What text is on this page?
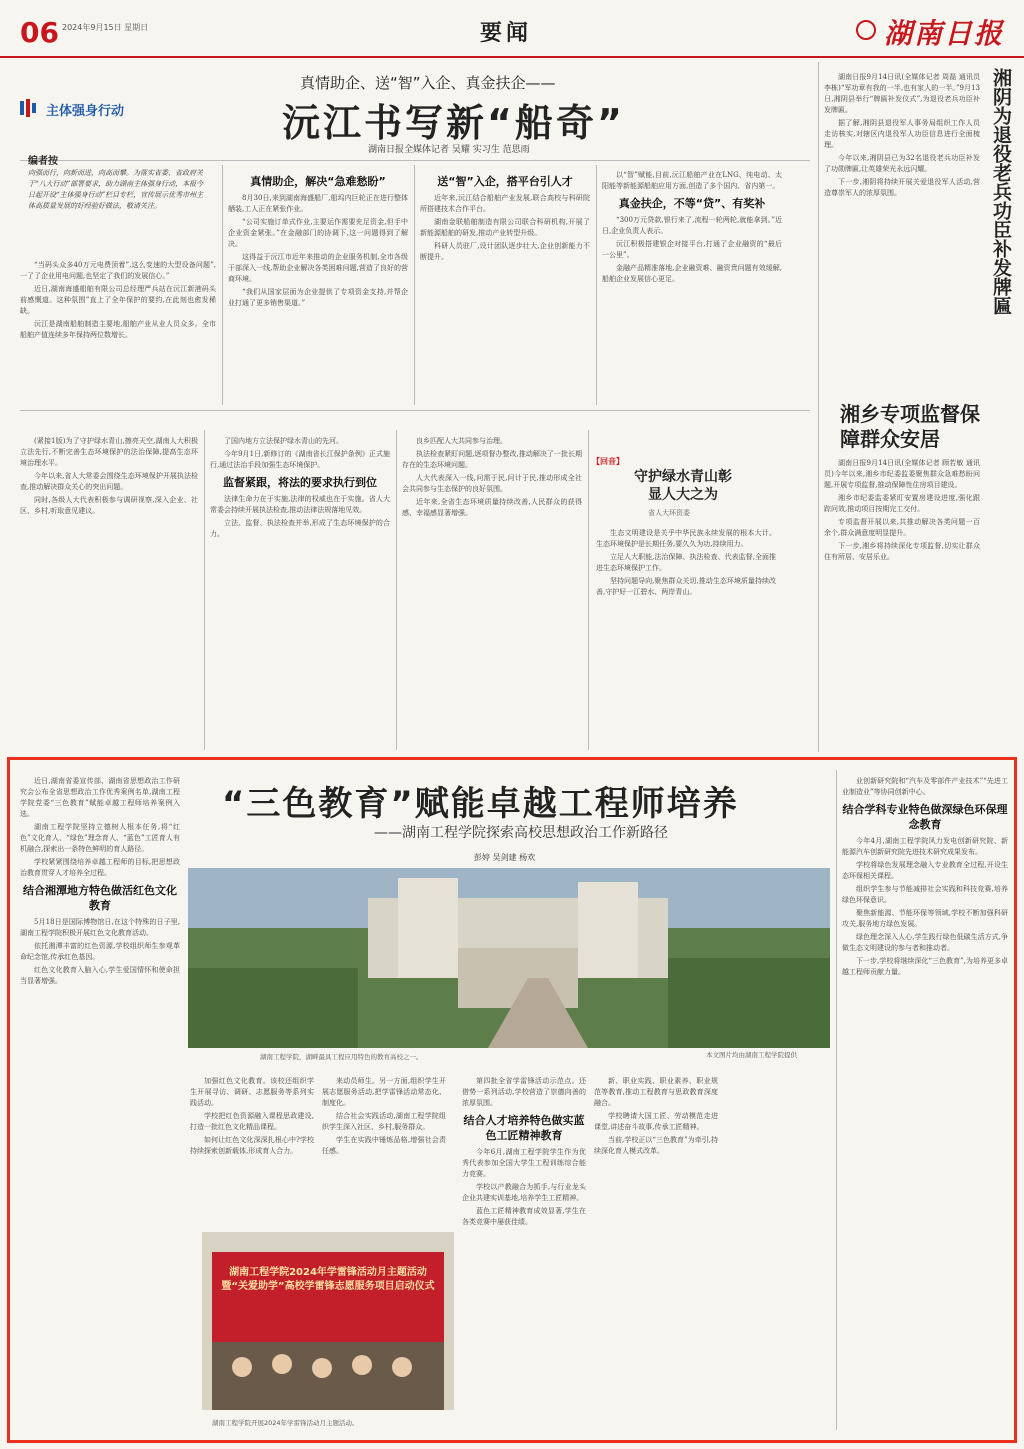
06 2024年9月15日 星期日	要闻	湖南日报
主体强身行动
真情助企、送“智”入企、真金扶企——
沅江书写新“船奇”
湖南日报全媒体记者 吴耀 实习生 范思雨
编者按
向强而行，向新而进，向高而攀。为落实省委、省政府关于“八大行动”部署要求，助力湖南主体强身行动，本报今日起开设“主体强身行动”栏目专栏，宣传展示优秀市州主体高质量发展的好经验好做法，敬请关注。

“当码头众多40万元电费顶着”,这么变速的大型设备问题”,一了了企业用电问题,也坚定了我们的发展信心。”

近日,湖南海盛船舶有限公司总经理严兵站在沅江新港码头前感慨道。这种氛围”直上了全年保护的要约,在此刻也愈发稀缺。

沅江是湖南船舶制造主要地,船舶产业从业人员众多。全市船舶产值连续多年保持两位数增长。

真情助企，解决“急难愁盼”

8月30日,来到湖南海盛船厂,船坞内巨轮正在进行整体舾装,工人正在紧张作业。

“公司实施订单式作业,主要运作需要充足资金,但手中企业资金紧张。”在金融部门的协调下,这一问题得到了解决。

这得益于沅江市近年来推动的企业服务机制,全市各级干部深入一线,帮助企业解决各类困难问题,营造了良好的营商环境。

“我们从国家层面为企业提供了专项资金支持,并帮企业打通了更多销售渠道。”

送“智”入企，搭平台引人才

近年来,沅江结合船舶产业发展,联合高校与科研院所搭建技术合作平台。

湖南金联船舶制造有限公司联合科研机构,开展了新能源船舶的研发,推动产业转型升级。

科研人员驻厂,设计团队逐步壮大,企业创新能力不断提升。

以“智”赋能,目前,沅江船舶产业在LNG、纯电动、太阳能等新能源船舶应用方面,创造了多个国内、省内第一。

真金扶企，不等“贷”、有奖补

“300万元贷款,银行来了,流程一轮两轮,就能拿到。”近日,企业负责人表示。

沅江积极搭建银企对接平台,打通了企业融资的“最后一公里”。

金融产品精准落地,企业融资难、融资贵问题有效缓解,船舶企业发展信心更足。	湘阴为退役老兵功臣补发牌匾

湖南日报9月14日讯(全媒体记者 周磊 通讯员 李栋)“军功章有我的一半,也有家人的一半。”9月13日,湘阴县举行“牌匾补发仪式”,为退役老兵功臣补发牌匾。

据了解,湘阴县退役军人事务局组织工作人员走访核实,对辖区内退役军人功臣信息进行全面梳理。

今年以来,湘阴县已为32名退役老兵功臣补发了功勋牌匾,让英雄荣光永远闪耀。

下一步,湘阴将持续开展关爱退役军人活动,营造尊崇军人的浓厚氛围。

湘乡专项监督保障群众安居

湖南日报9月14日讯(全媒体记者 顾若敏 通讯员)今年以来,湘乡市纪委监委聚焦群众急难愁盼问题,开展专项监督,推动保障性住房项目建设。

湘乡市纪委监委紧盯安置房建设进度,强化跟踪问效,推动项目按期完工交付。

专项监督开展以来,共推动解决各类问题一百余个,群众满意度明显提升。

下一步,湘乡将持续深化专项监督,切实让群众住有所居、安居乐业。

(紧接1版)为了守护绿水青山,擦亮天空,湖南人大积极立法先行,不断完善生态环境保护的法治保障,提高生态环境治理水平。

今年以来,省人大常委会围绕生态环境保护开展执法检查,推动解决群众关心的突出问题。

同时,各级人大代表积极参与调研视察,深入企业、社区、乡村,听取意见建议。

了国内地方立法保护绿水青山的先河。

今年9月1日,新修订的《湖南省长江保护条例》正式施行,通过法治手段加强生态环境保护。

监督紧跟，将法的要求执行到位

法律生命力在于实施,法律的权威也在于实施。省人大常委会持续开展执法检查,推动法律法规落地见效。

立法、监督、执法检查并举,形成了生态环境保护的合力。

良乡匹配人大共同参与治理。

执法检查紧盯问题,逐项督办整改,推动解决了一批长期存在的生态环境问题。

人大代表深入一线,问需于民,问计于民,推动形成全社会共同参与生态保护的良好氛围。

近年来,全省生态环境质量持续改善,人民群众的获得感、幸福感显著增强。

【回音】
守护绿水青山彰显人大之为
省人大环资委

生态文明建设是关乎中华民族永续发展的根本大计。生态环境保护是长期任务,要久久为功,持续用力。

立足人大职能,法治保障、执法检查、代表监督,全面推进生态环境保护工作。

坚持问题导向,聚焦群众关切,推动生态环境质量持续改善,守护好一江碧水、两岸青山。

“三色教育”赋能卓越工程师培养
——湖南工程学院探索高校思想政治工作新路径
彭婷 吴剑建 杨欢

近日,湖南省委宣传部、湖南省思想政治工作研究会公布全省思想政治工作优秀案例名单,湖南工程学院党委“三色教育”赋能卓越工程师培养案例入选。

湖南工程学院坚持立德树人根本任务,将“红色”文化育人、“绿色”理念育人、“蓝色”工匠育人有机融合,探索出一条特色鲜明的育人路径。

学校紧紧围绕培养卓越工程师的目标,把思想政治教育贯穿人才培养全过程。

结合湘潭地方特色做活红色文化教育

5月18日是国际博物馆日,在这个特殊的日子里,湖南工程学院积极开展红色文化教育活动。

依托湘潭丰富的红色资源,学校组织师生参观革命纪念馆,传承红色基因。

红色文化教育入脑入心,学生爱国情怀和使命担当显著增强。

湖南工程学院，湖畔最具工程应用特色的教育高校之一。	本文图片均由湖南工程学院提供

加强红色文化教育。该校还组织学生开展寻访、调研、志愿服务等系列实践活动。

学校把红色资源融入课程思政建设,打造一批红色文化精品课程。

如何让红色文化深深扎根心中?学校持续探索创新载体,形成育人合力。

来动员师生。另一方面,组织学生开展志愿服务活动,把学雷锋活动常态化、制度化。

结合社会实践活动,湖南工程学院组织学生深入社区、乡村,服务群众。

学生在实践中锤炼品格,增强社会责任感。

湖南工程学院2024年学雷锋活动月主题活动暨“关爱助学”高校学雷锋志愿服务项目启动仪式
湖南工程学院开展2024年学雷锋活动月主题活动。

第四批全省学雷锋活动示范点。还借势一系列活动,学校营造了崇德向善的浓厚氛围。

结合人才培养特色做实蓝色工匠精神教育

今年6月,湖南工程学院学生作为优秀代表参加全国大学生工程训练综合能力竞赛。

学校以产教融合为抓手,与行业龙头企业共建实训基地,培养学生工匠精神。

蓝色工匠精神教育成效显著,学生在各类竞赛中屡获佳绩。

新、职业实践、职业素养、职业规范等教育,推动工程教育与思政教育深度融合。

学校聘请大国工匠、劳动模范走进课堂,讲述奋斗故事,传承工匠精神。

当前,学校正以“三色教育”为牵引,持续深化育人模式改革。

业创新研究院和“汽车及零部件产业技术”“先进工业制造业”等协同创新中心。

结合学科专业特色做深绿色环保理念教育

今年4月,湖南工程学院风力发电创新研究院、新能源汽车创新研究院先进技术研究成果发布。

学校将绿色发展理念融入专业教育全过程,开设生态环保相关课程。

组织学生参与节能减排社会实践和科技竞赛,培养绿色环保意识。

聚焦新能源、节能环保等领域,学校不断加强科研攻关,服务地方绿色发展。

绿色理念深入人心,学生践行绿色低碳生活方式,争做生态文明建设的参与者和推动者。

下一步,学校将继续深化“三色教育”,为培养更多卓越工程师贡献力量。
